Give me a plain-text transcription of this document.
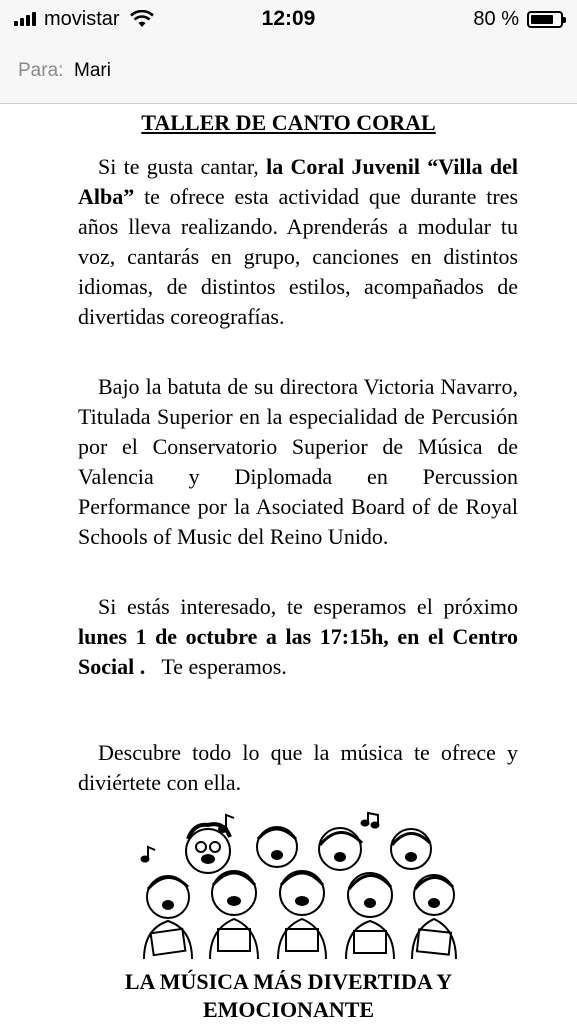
movistar	12:09	80 %
Para: Mari
TALLER DE CANTO CORAL

Si te gusta cantar, la Coral Juvenil “Villa del Alba” te ofrece esta actividad que durante tres años lleva realizando. Aprenderás a modular tu voz, cantarás en grupo, canciones en distintos idiomas, de distintos estilos, acompañados de divertidas coreografías.

Bajo la batuta de su directora Victoria Navarro, Titulada Superior en la especialidad de Percusión por el Conservatorio Superior de Música de Valencia y Diplomada en Percussion Performance por la Asociated Board of de Royal Schools of Music del Reino Unido.

Si estás interesado, te esperamos el próximo lunes 1 de octubre a las 17:15h, en el Centro Social . Te esperamos.

Descubre todo lo que la música te ofrece y diviértete con ella.

LA MÚSICA MÁS DIVERTIDA Y EMOCIONANTE
